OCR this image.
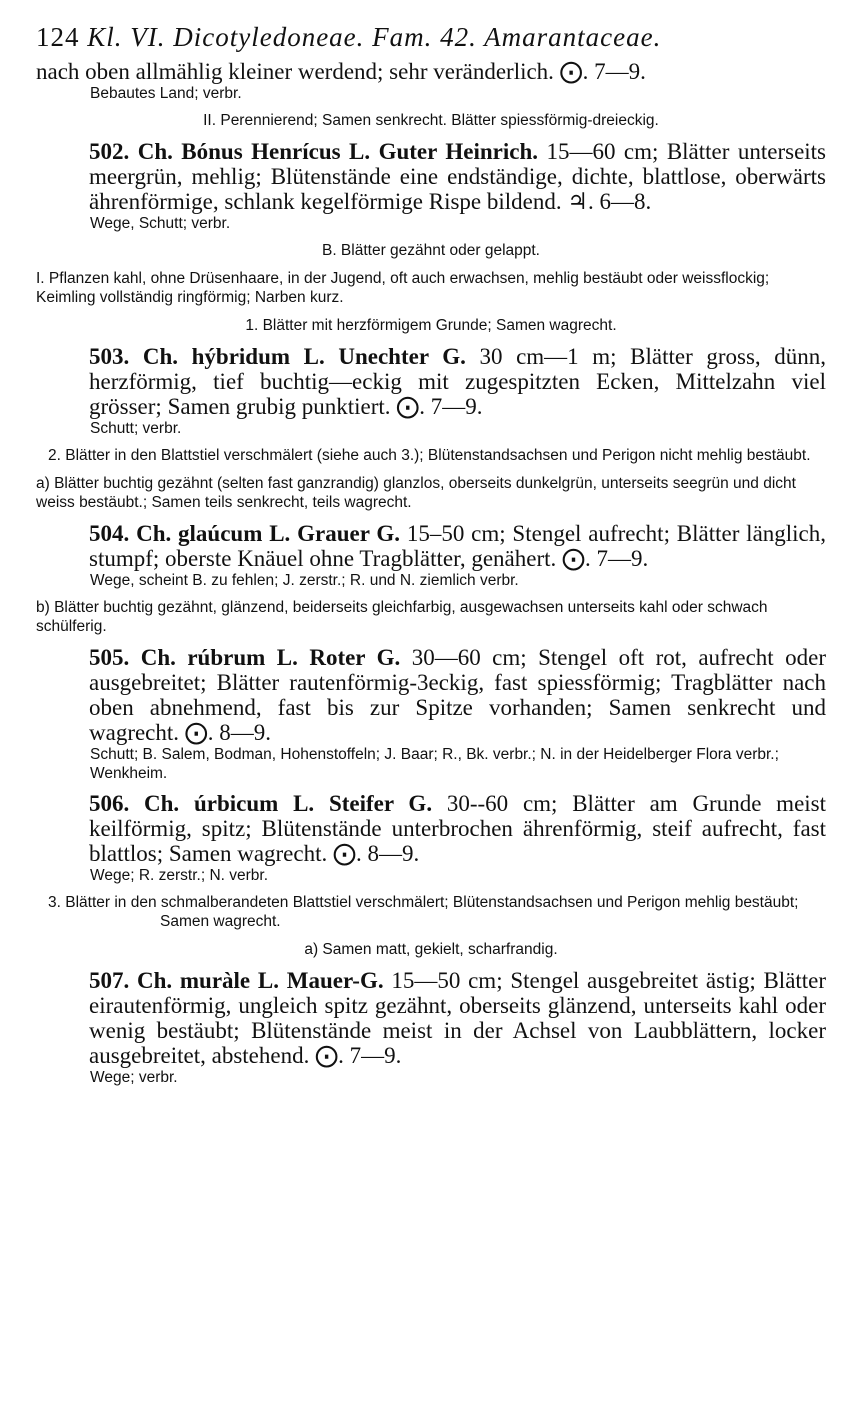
124 Kl. VI. Dicotyledoneae. Fam. 42. Amarantaceae.
nach oben allmählig kleiner werdend; sehr veränderlich. ⨀. 7—9.
Bebautes Land; verbr.
II. Perennierend; Samen senkrecht. Blätter spiessförmig-dreieckig.
502. Ch. Bónus Henrícus L. Guter Heinrich. 15—60 cm; Blätter unterseits meergrün, mehlig; Blütenstände eine endständige, dichte, blattlose, oberwärts ährenförmige, schlank kegelförmige Rispe bildend. ♃. 6—8.
Wege, Schutt; verbr.
B. Blätter gezähnt oder gelappt.
I. Pflanzen kahl, ohne Drüsenhaare, in der Jugend, oft auch erwachsen, mehlig bestäubt oder weissflockig; Keimling vollständig ringförmig; Narben kurz.
1. Blätter mit herzförmigem Grunde; Samen wagrecht.
503. Ch. hýbridum L. Unechter G. 30 cm—1 m; Blätter gross, dünn, herzförmig, tief buchtig—eckig mit zugespitzten Ecken, Mittelzahn viel grösser; Samen grubig punktiert. ⨀. 7—9.
Schutt; verbr.
2. Blätter in den Blattstiel verschmälert (siehe auch 3.); Blütenstandsachsen und Perigon nicht mehlig bestäubt.
a) Blätter buchtig gezähnt (selten fast ganzrandig) glanzlos, oberseits dunkelgrün, unterseits seegrün und dicht weiss bestäubt.; Samen teils senkrecht, teils wagrecht.
504. Ch. glaúcum L. Grauer G. 15–50 cm; Stengel aufrecht; Blätter länglich, stumpf; oberste Knäuel ohne Tragblätter, genähert. ⨀. 7—9.
Wege, scheint B. zu fehlen; J. zerstr.; R. und N. ziemlich verbr.
b) Blätter buchtig gezähnt, glänzend, beiderseits gleichfarbig, ausgewachsen unterseits kahl oder schwach schülferig.
505. Ch. rúbrum L. Roter G. 30—60 cm; Stengel oft rot, aufrecht oder ausgebreitet; Blätter rautenförmig-3eckig, fast spiessförmig; Tragblätter nach oben abnehmend, fast bis zur Spitze vorhanden; Samen senkrecht und wagrecht. ⨀. 8—9.
Schutt; B. Salem, Bodman, Hohenstoffeln; J. Baar; R., Bk. verbr.; N. in der Heidelberger Flora verbr.; Wenkheim.
506. Ch. úrbicum L. Steifer G. 30--60 cm; Blätter am Grunde meist keilförmig, spitz; Blütenstände unterbrochen ährenförmig, steif aufrecht, fast blattlos; Samen wagrecht. ⨀. 8—9.
Wege; R. zerstr.; N. verbr.
3. Blätter in den schmalberandeten Blattstiel verschmälert; Blütenstandsachsen und Perigon mehlig bestäubt; Samen wagrecht.
a) Samen matt, gekielt, scharfrandig.
507. Ch. muràle L. Mauer-G. 15—50 cm; Stengel ausgebreitet ästig; Blätter eirautenförmig, ungleich spitz gezähnt, oberseits glänzend, unterseits kahl oder wenig bestäubt; Blütenstände meist in der Achsel von Laubblättern, locker ausgebreitet, abstehend. ⨀. 7—9.
Wege; verbr.
